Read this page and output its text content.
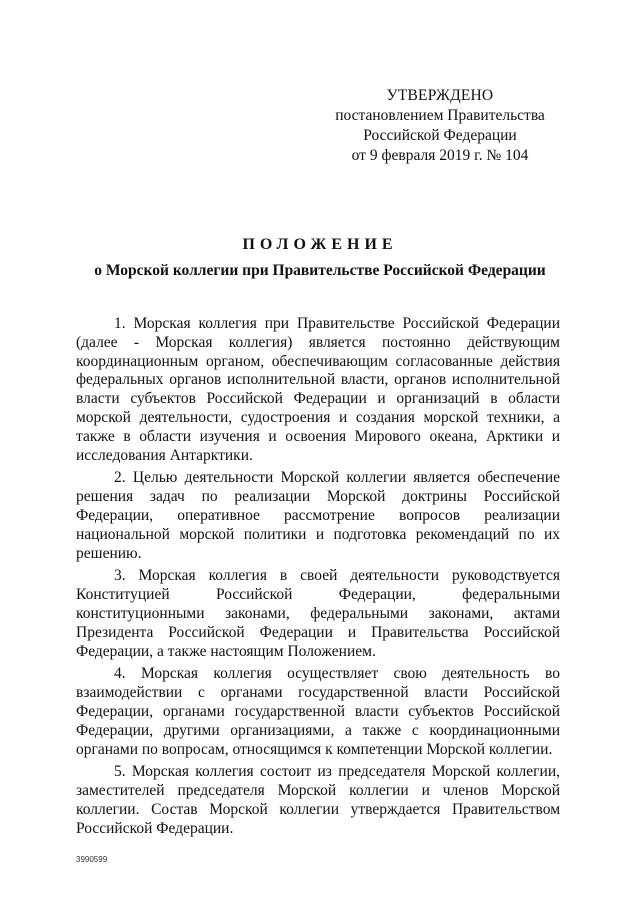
УТВЕРЖДЕНО
постановлением Правительства
Российской Федерации
от 9 февраля 2019 г. № 104
ПОЛОЖЕНИЕ
о Морской коллегии при Правительстве Российской Федерации

1. Морская коллегия при Правительстве Российской Федерации (далее - Морская коллегия) является постоянно действующим координационным органом, обеспечивающим согласованные действия федеральных органов исполнительной власти, органов исполнительной власти субъектов Российской Федерации и организаций в области морской деятельности, судостроения и создания морской техники, а также в области изучения и освоения Мирового океана, Арктики и исследования Антарктики.

2. Целью деятельности Морской коллегии является обеспечение решения задач по реализации Морской доктрины Российской Федерации, оперативное рассмотрение вопросов реализации национальной морской политики и подготовка рекомендаций по их решению.

3. Морская коллегия в своей деятельности руководствуется Конституцией Российской Федерации, федеральными конституционными законами, федеральными законами, актами Президента Российской Федерации и Правительства Российской Федерации, а также настоящим Положением.

4. Морская коллегия осуществляет свою деятельность во взаимодействии с органами государственной власти Российской Федерации, органами государственной власти субъектов Российской Федерации, другими организациями, а также с координационными органами по вопросам, относящимся к компетенции Морской коллегии.

5. Морская коллегия состоит из председателя Морской коллегии, заместителей председателя Морской коллегии и членов Морской коллегии. Состав Морской коллегии утверждается Правительством Российской Федерации.

3990599
